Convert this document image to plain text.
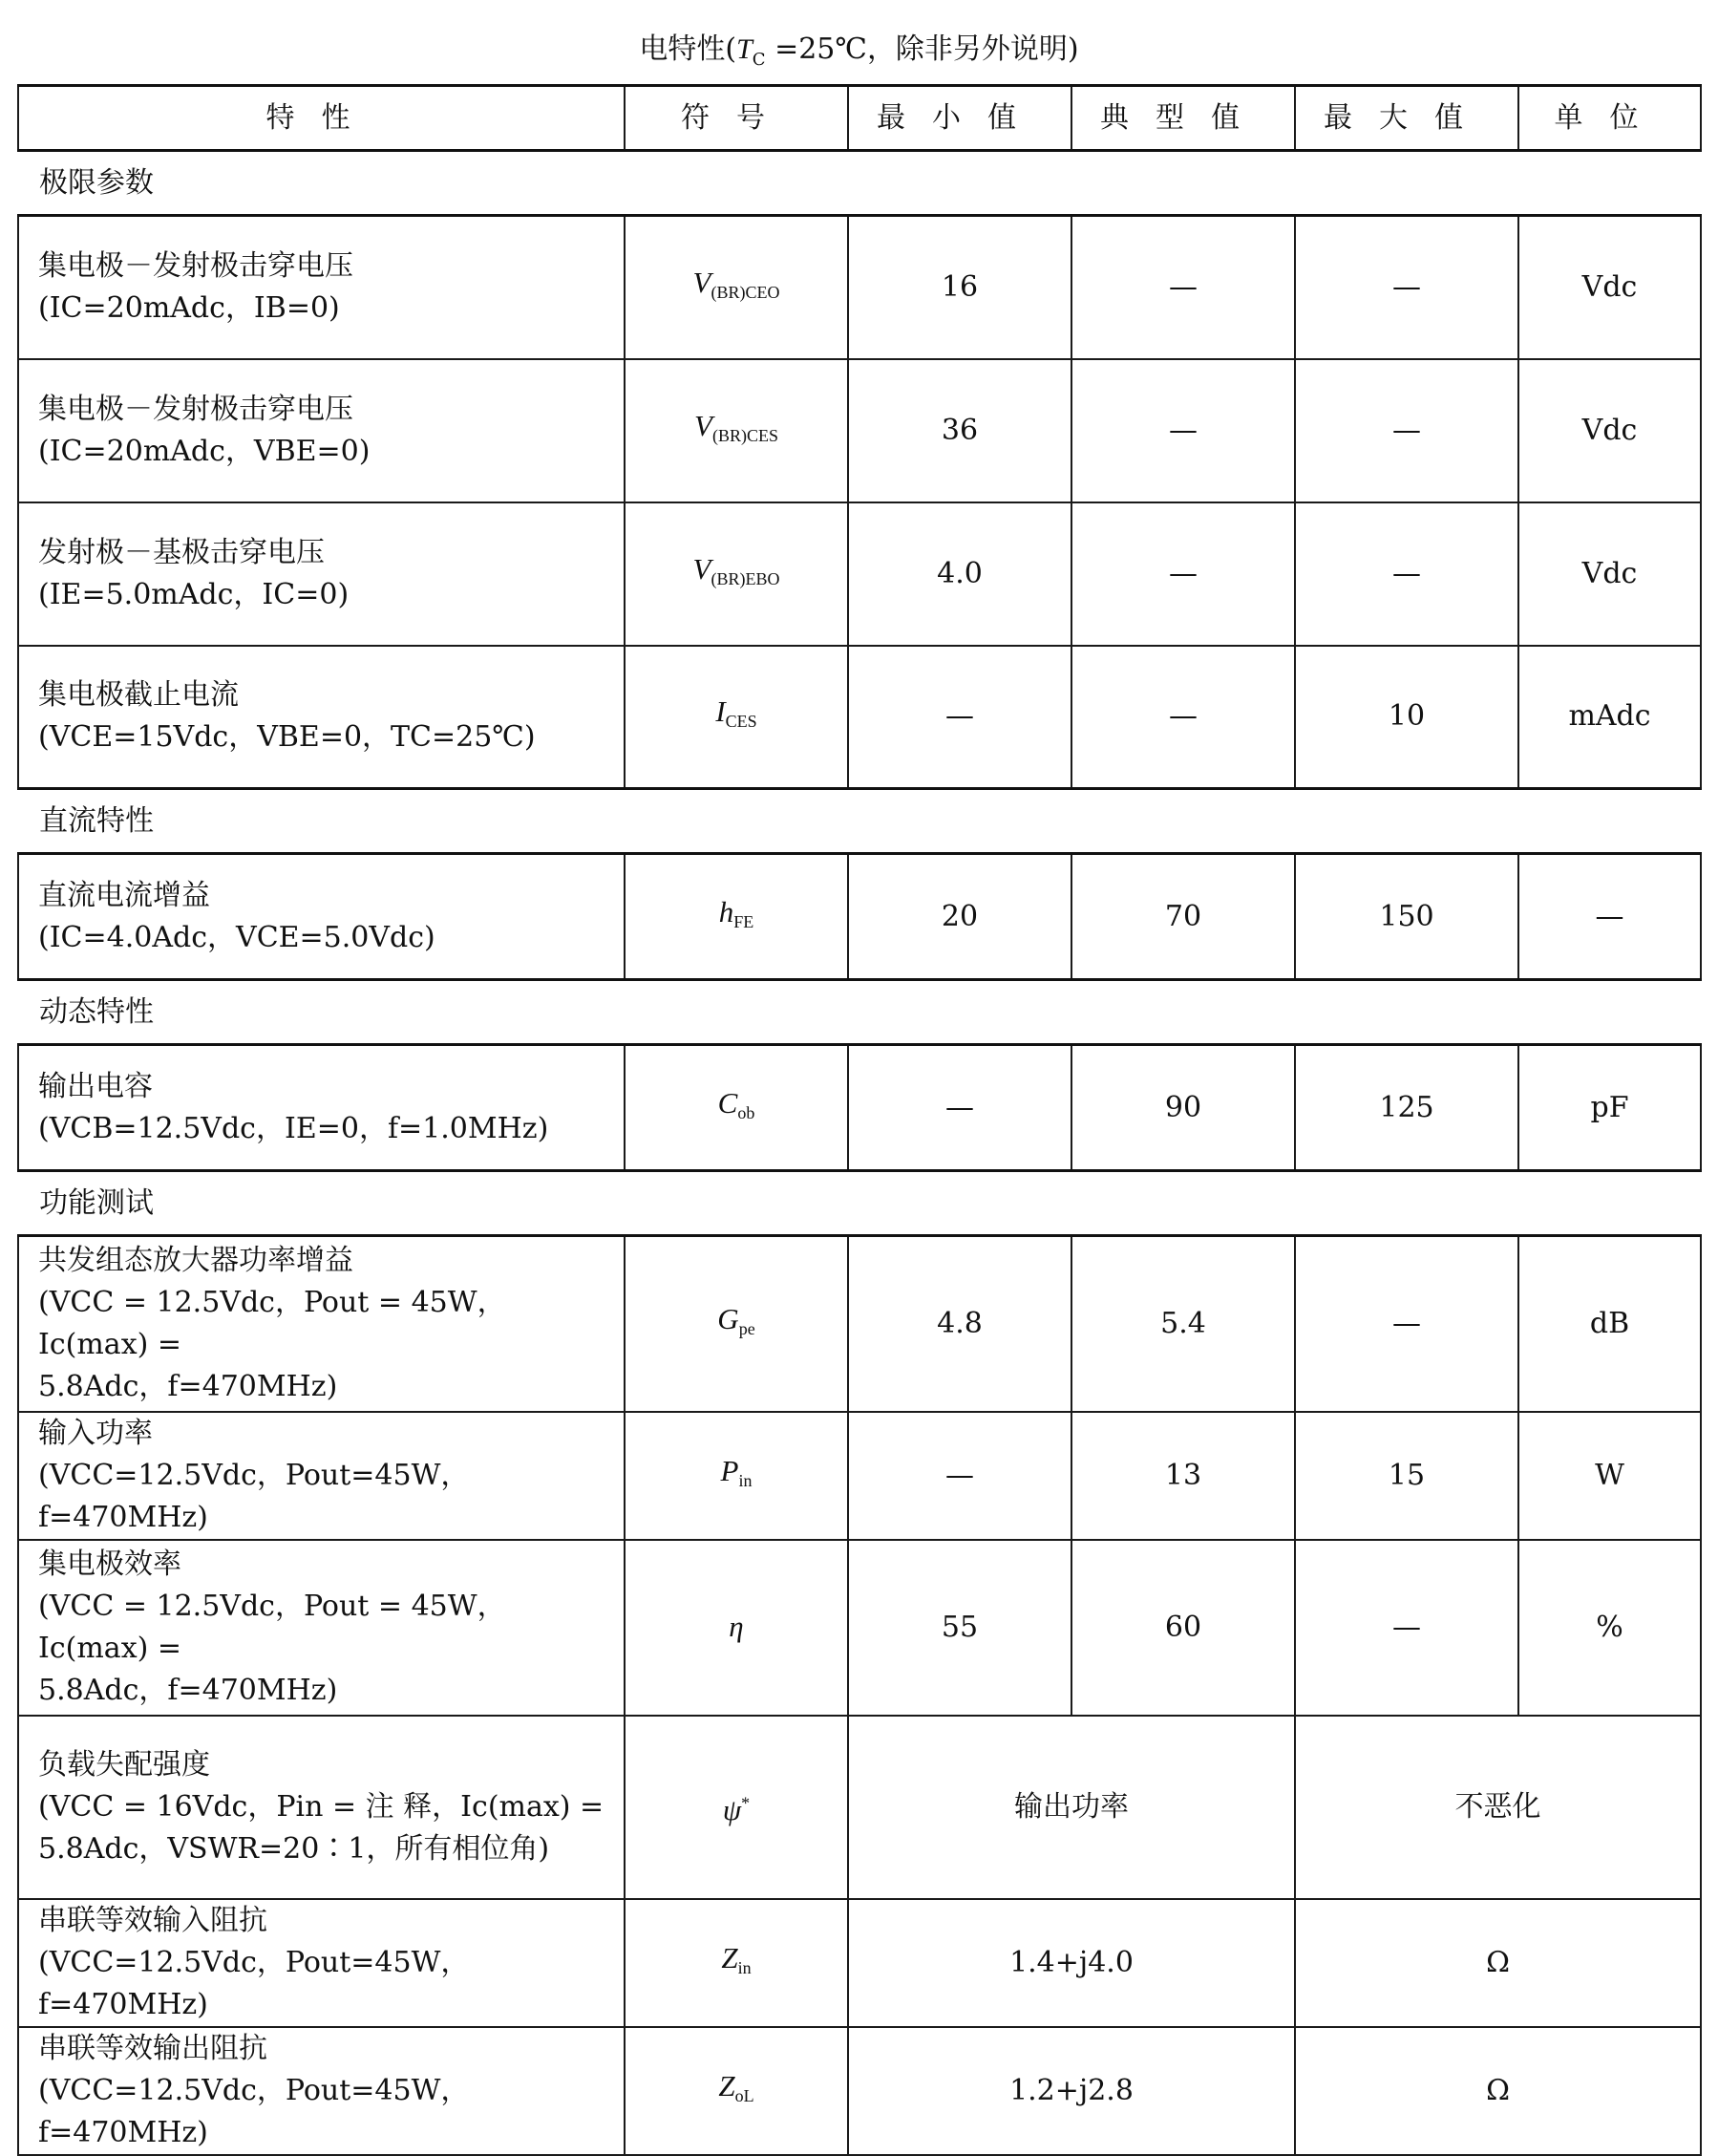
电特性($T_C$ =25℃，除非另外说明)
特性	符号	最小值	典型值	最大值	单位
极限参数					

集电极－发射极击穿电压
(IC=20mAdc，IB=0)	$V_{(BR)CEO}$	16	—	—	Vdc

集电极－发射极击穿电压
(IC=20mAdc，VBE=0)	$V_{(BR)CES}$	36	—	—	Vdc

发射极－基极击穿电压
(IE=5.0mAdc，IC=0)	$V_{(BR)EBO}$	4.0	—	—	Vdc

集电极截止电流
(VCE=15Vdc，VBE=0，TC=25℃)	$I_{CES}$	—	—	10	mAdc
直流特性					

直流电流增益
(IC=4.0Adc，VCE=5.0Vdc)	$h_{FE}$	20	70	150	—
动态特性					

输出电容
(VCB=12.5Vdc，IE=0，f=1.0MHz)	$C_{ob}$	—	90	125	pF
功能测试					

共发组态放大器功率增益
(VCC = 12.5Vdc，Pout = 45W，Ic(max) =
5.8Adc，f=470MHz)	$G_{pe}$	4.8	5.4	—	dB

输入功率
(VCC=12.5Vdc，Pout=45W，f=470MHz)	$P_{in}$	—	13	15	W

集电极效率
(VCC = 12.5Vdc，Pout = 45W，Ic(max) =
5.8Adc，f=470MHz)	η	55	60	—	%

负载失配强度
(VCC = 16Vdc，Pin = 注 释，Ic(max) =
5.8Adc，VSWR=20∶1，所有相位角)	ψ*	输出功率		不恶化	

串联等效输入阻抗
(VCC=12.5Vdc，Pout=45W，f=470MHz)	$Z_{in}$	1.4+j4.0		Ω	

串联等效输出阻抗
(VCC=12.5Vdc，Pout=45W，f=470MHz)	$Z_{oL}$	1.2+j2.8		Ω	
